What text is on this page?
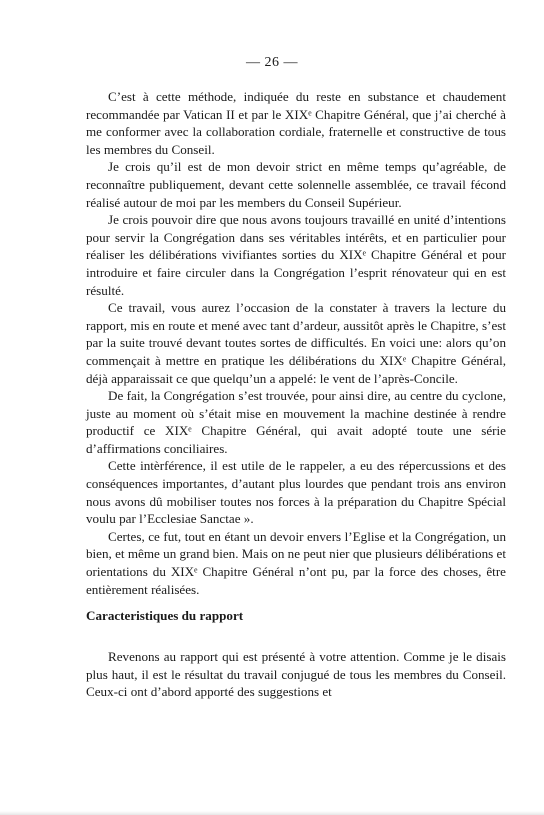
— 26 —

C’est à cette méthode, indiquée du reste en substance et chaudement recommandée par Vatican II et par le XIXᵉ Chapitre Général, que j’ai cherché à me conformer avec la collaboration cordiale, fraternelle et constructive de tous les membres du Conseil.

Je crois qu’il est de mon devoir strict en même temps qu’agréable, de reconnaître publiquement, devant cette solennelle assemblée, ce travail fécond réalisé autour de moi par les members du Conseil Supérieur.

Je crois pouvoir dire que nous avons toujours travaillé en unité d’intentions pour servir la Congrégation dans ses véritables intérêts, et en particulier pour réaliser les délibérations vivifiantes sorties du XIXᵉ Chapitre Général et pour introduire et faire circuler dans la Congrégation l’esprit rénovateur qui en est résulté.

Ce travail, vous aurez l’occasion de la constater à travers la lecture du rapport, mis en route et mené avec tant d’ardeur, aussitôt après le Chapitre, s’est par la suite trouvé devant toutes sortes de difficultés. En voici une: alors qu’on commençait à mettre en pratique les délibérations du XIXᵉ Chapitre Général, déjà apparaissait ce que quelqu’un a appelé: le vent de l’après-Concile.

De fait, la Congrégation s’est trouvée, pour ainsi dire, au centre du cyclone, juste au moment où s’était mise en mouvement la machine destinée à rendre productif ce XIXᵉ Chapitre Général, qui avait adopté toute une série d’affirmations conciliaires.

Cette intèrférence, il est utile de le rappeler, a eu des répercussions et des conséquences importantes, d’autant plus lourdes que pendant trois ans environ nous avons dû mobiliser toutes nos forces à la préparation du Chapitre Spécial voulu par l’Ecclesiae Sanctae ».

Certes, ce fut, tout en étant un devoir envers l’Eglise et la Congrégation, un bien, et même un grand bien. Mais on ne peut nier que plusieurs délibérations et orientations du XIXᵉ Chapitre Général n’ont pu, par la force des choses, être entièrement réalisées.

Caracteristiques du rapport

Revenons au rapport qui est présenté à votre attention. Comme je le disais plus haut, il est le résultat du travail conjugué de tous les membres du Conseil. Ceux-ci ont d’abord apporté des suggestions et
